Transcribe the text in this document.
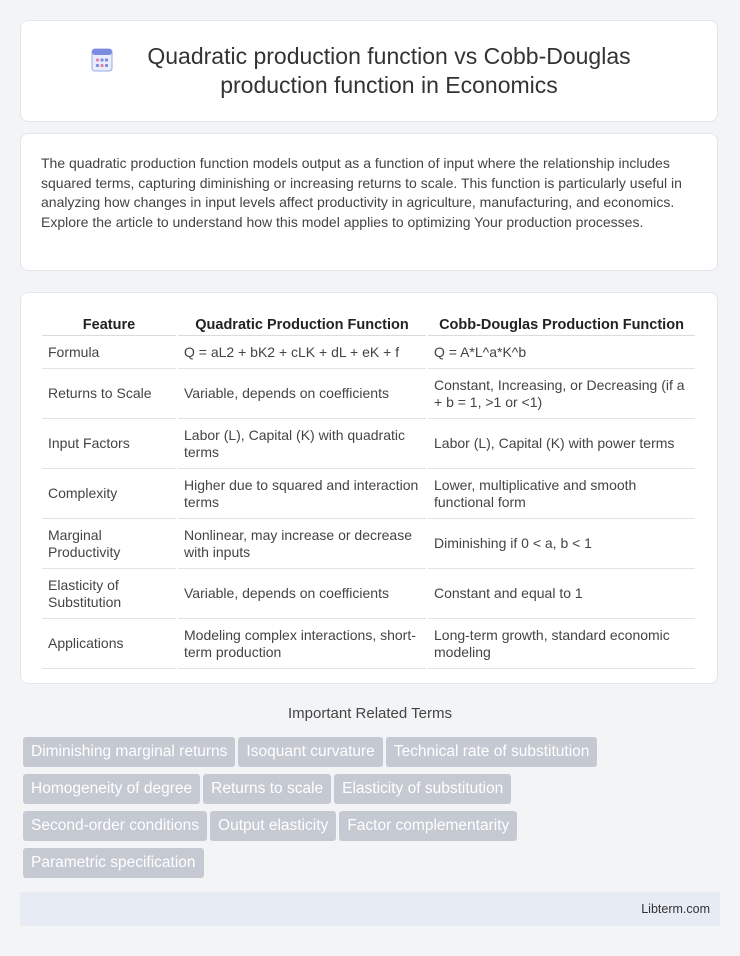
Quadratic production function vs Cobb-Douglas production function in Economics

The quadratic production function models output as a function of input where the relationship includes squared terms, capturing diminishing or increasing returns to scale. This function is particularly useful in analyzing how changes in input levels affect productivity in agriculture, manufacturing, and economics. Explore the article to understand how this model applies to optimizing Your production processes.

Feature	Quadratic Production Function	Cobb-Douglas Production Function
Formula	Q = aL2 + bK2 + cLK + dL + eK + f	Q = A*L^a*K^b
Returns to Scale	Variable, depends on coefficients	Constant, Increasing, or Decreasing (if a + b = 1, >1 or <1)
Input Factors	Labor (L), Capital (K) with quadratic terms	Labor (L), Capital (K) with power terms
Complexity	Higher due to squared and interaction terms	Lower, multiplicative and smooth functional form
Marginal Productivity	Nonlinear, may increase or decrease with inputs	Diminishing if 0 < a, b < 1
Elasticity of Substitution	Variable, depends on coefficients	Constant and equal to 1
Applications	Modeling complex interactions, short-term production	Long-term growth, standard economic modeling
Important Related Terms
Diminishing marginal returns Isoquant curvature Technical rate of substitution
Homogeneity of degree Returns to scale Elasticity of substitution
Second-order conditions Output elasticity Factor complementarity
Parametric specification
Libterm.com
